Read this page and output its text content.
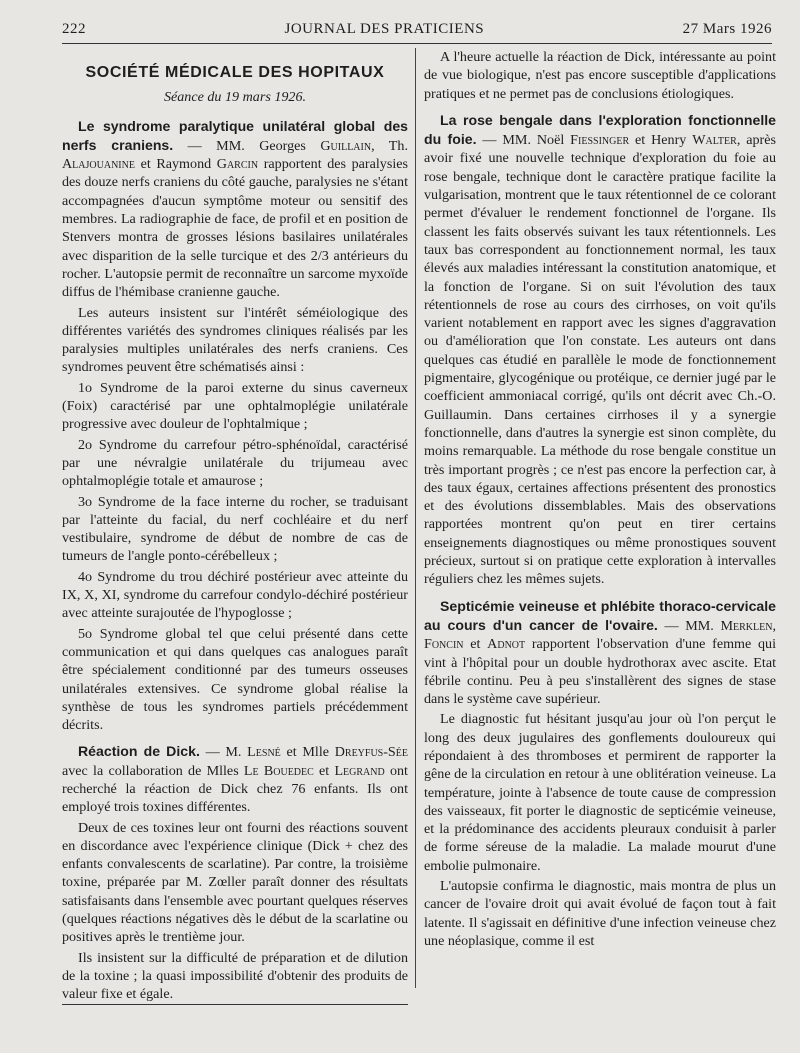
222	JOURNAL DES PRATICIENS	27 Mars 1926
SOCIÉTÉ MÉDICALE DES HOPITAUX
Séance du 19 mars 1926.

Le syndrome paralytique unilatéral global des nerfs craniens. — MM. Georges Guillain, Th. Alajouanine et Raymond Garcin rapportent des paralysies des douze nerfs craniens du côté gauche, paralysies ne s'étant accompagnées d'aucun symptôme moteur ou sensitif des membres. La radiographie de face, de profil et en position de Stenvers montra de grosses lésions basilaires unilatérales avec disparition de la selle turcique et des 2/3 antérieurs du rocher. L'autopsie permit de reconnaître un sarcome myxoïde diffus de l'hémibase cranienne gauche.

Les auteurs insistent sur l'intérêt séméiologique des différentes variétés des syndromes cliniques réalisés par les paralysies multiples unilatérales des nerfs craniens. Ces syndromes peuvent être schématisés ainsi :

1o Syndrome de la paroi externe du sinus caverneux (Foix) caractérisé par une ophtalmoplégie unilatérale progressive avec douleur de l'ophtalmique ;

2o Syndrome du carrefour pétro-sphénoïdal, caractérisé par une névralgie unilatérale du trijumeau avec ophtalmoplégie totale et amaurose ;

3o Syndrome de la face interne du rocher, se traduisant par l'atteinte du facial, du nerf cochléaire et du nerf vestibulaire, syndrome de début de nombre de cas de tumeurs de l'angle ponto-cérébelleux ;

4o Syndrome du trou déchiré postérieur avec atteinte du IX, X, XI, syndrome du carrefour condylo-déchiré postérieur avec atteinte surajoutée de l'hypoglosse ;

5o Syndrome global tel que celui présenté dans cette communication et qui dans quelques cas analogues paraît être spécialement conditionné par des tumeurs osseuses unilatérales extensives. Ce syndrome global réalise la synthèse de tous les syndromes partiels précédemment décrits.

Réaction de Dick. — M. Lesné et Mlle Dreyfus-Sée avec la collaboration de Mlles Le Bouedec et Legrand ont recherché la réaction de Dick chez 76 enfants. Ils ont employé trois toxines différentes.

Deux de ces toxines leur ont fourni des réactions souvent en discordance avec l'expérience clinique (Dick + chez des enfants convalescents de scarlatine). Par contre, la troisième toxine, préparée par M. Zœller paraît donner des résultats satisfaisants dans l'ensemble avec pourtant quelques réserves (quelques réactions négatives dès le début de la scarlatine ou positives après le trentième jour.

Ils insistent sur la difficulté de préparation et de dilution de la toxine ; la quasi impossibilité d'obtenir des produits de valeur fixe et égale.

A l'heure actuelle la réaction de Dick, intéressante au point de vue biologique, n'est pas encore susceptible d'applications pratiques et ne permet pas de conclusions étiologiques.

La rose bengale dans l'exploration fonctionnelle du foie. — MM. Noël Fiessinger et Henry Walter, après avoir fixé une nouvelle technique d'exploration du foie au rose bengale, technique dont le caractère pratique facilite la vulgarisation, montrent que le taux rétentionnel de ce colorant permet d'évaluer le rendement fonctionnel de l'organe. Ils classent les faits observés suivant les taux rétentionnels. Les taux bas correspondent au fonctionnement normal, les taux élevés aux maladies intéressant la constitution anatomique, et la fonction de l'organe. Si on suit l'évolution des taux rétentionnels de rose au cours des cirrhoses, on voit qu'ils varient notablement en rapport avec les signes d'aggravation ou d'amélioration que l'on constate. Les auteurs ont dans quelques cas étudié en parallèle le mode de fonctionnement pigmentaire, glycogénique ou protéique, ce dernier jugé par le coefficient ammoniacal corrigé, qu'ils ont décrit avec Ch.-O. Guillaumin. Dans certaines cirrhoses il y a synergie fonctionnelle, dans d'autres la synergie est sinon complète, du moins remarquable. La méthode du rose bengale constitue un très important progrès ; ce n'est pas encore la perfection car, à des taux égaux, certaines affections présentent des pronostics et des évolutions dissemblables. Mais des observations rapportées montrent qu'on peut en tirer certains enseignements diagnostiques ou même pronostiques souvent précieux, surtout si on pratique cette exploration à intervalles réguliers chez les mêmes sujets.

Septicémie veineuse et phlébite thoraco-cervicale au cours d'un cancer de l'ovaire. — MM. Merklen, Foncin et Adnot rapportent l'observation d'une femme qui vint à l'hôpital pour un double hydrothorax avec ascite. Etat fébrile continu. Peu à peu s'installèrent des signes de stase dans le système cave supérieur.

Le diagnostic fut hésitant jusqu'au jour où l'on perçut le long des deux jugulaires des gonflements douloureux qui répondaient à des thromboses et permirent de rapporter la gêne de la circulation en retour à une oblitération veineuse. La température, jointe à l'absence de toute cause de compression des vaisseaux, fit porter le diagnostic de septicémie veineuse, et la prédominance des accidents pleuraux conduisit à parler de forme séreuse de la maladie. La malade mourut d'une embolie pulmonaire.

L'autopsie confirma le diagnostic, mais montra de plus un cancer de l'ovaire droit qui avait évolué de façon tout à fait latente. Il s'agissait en définitive d'une infection veineuse chez une néoplasique, comme il est
